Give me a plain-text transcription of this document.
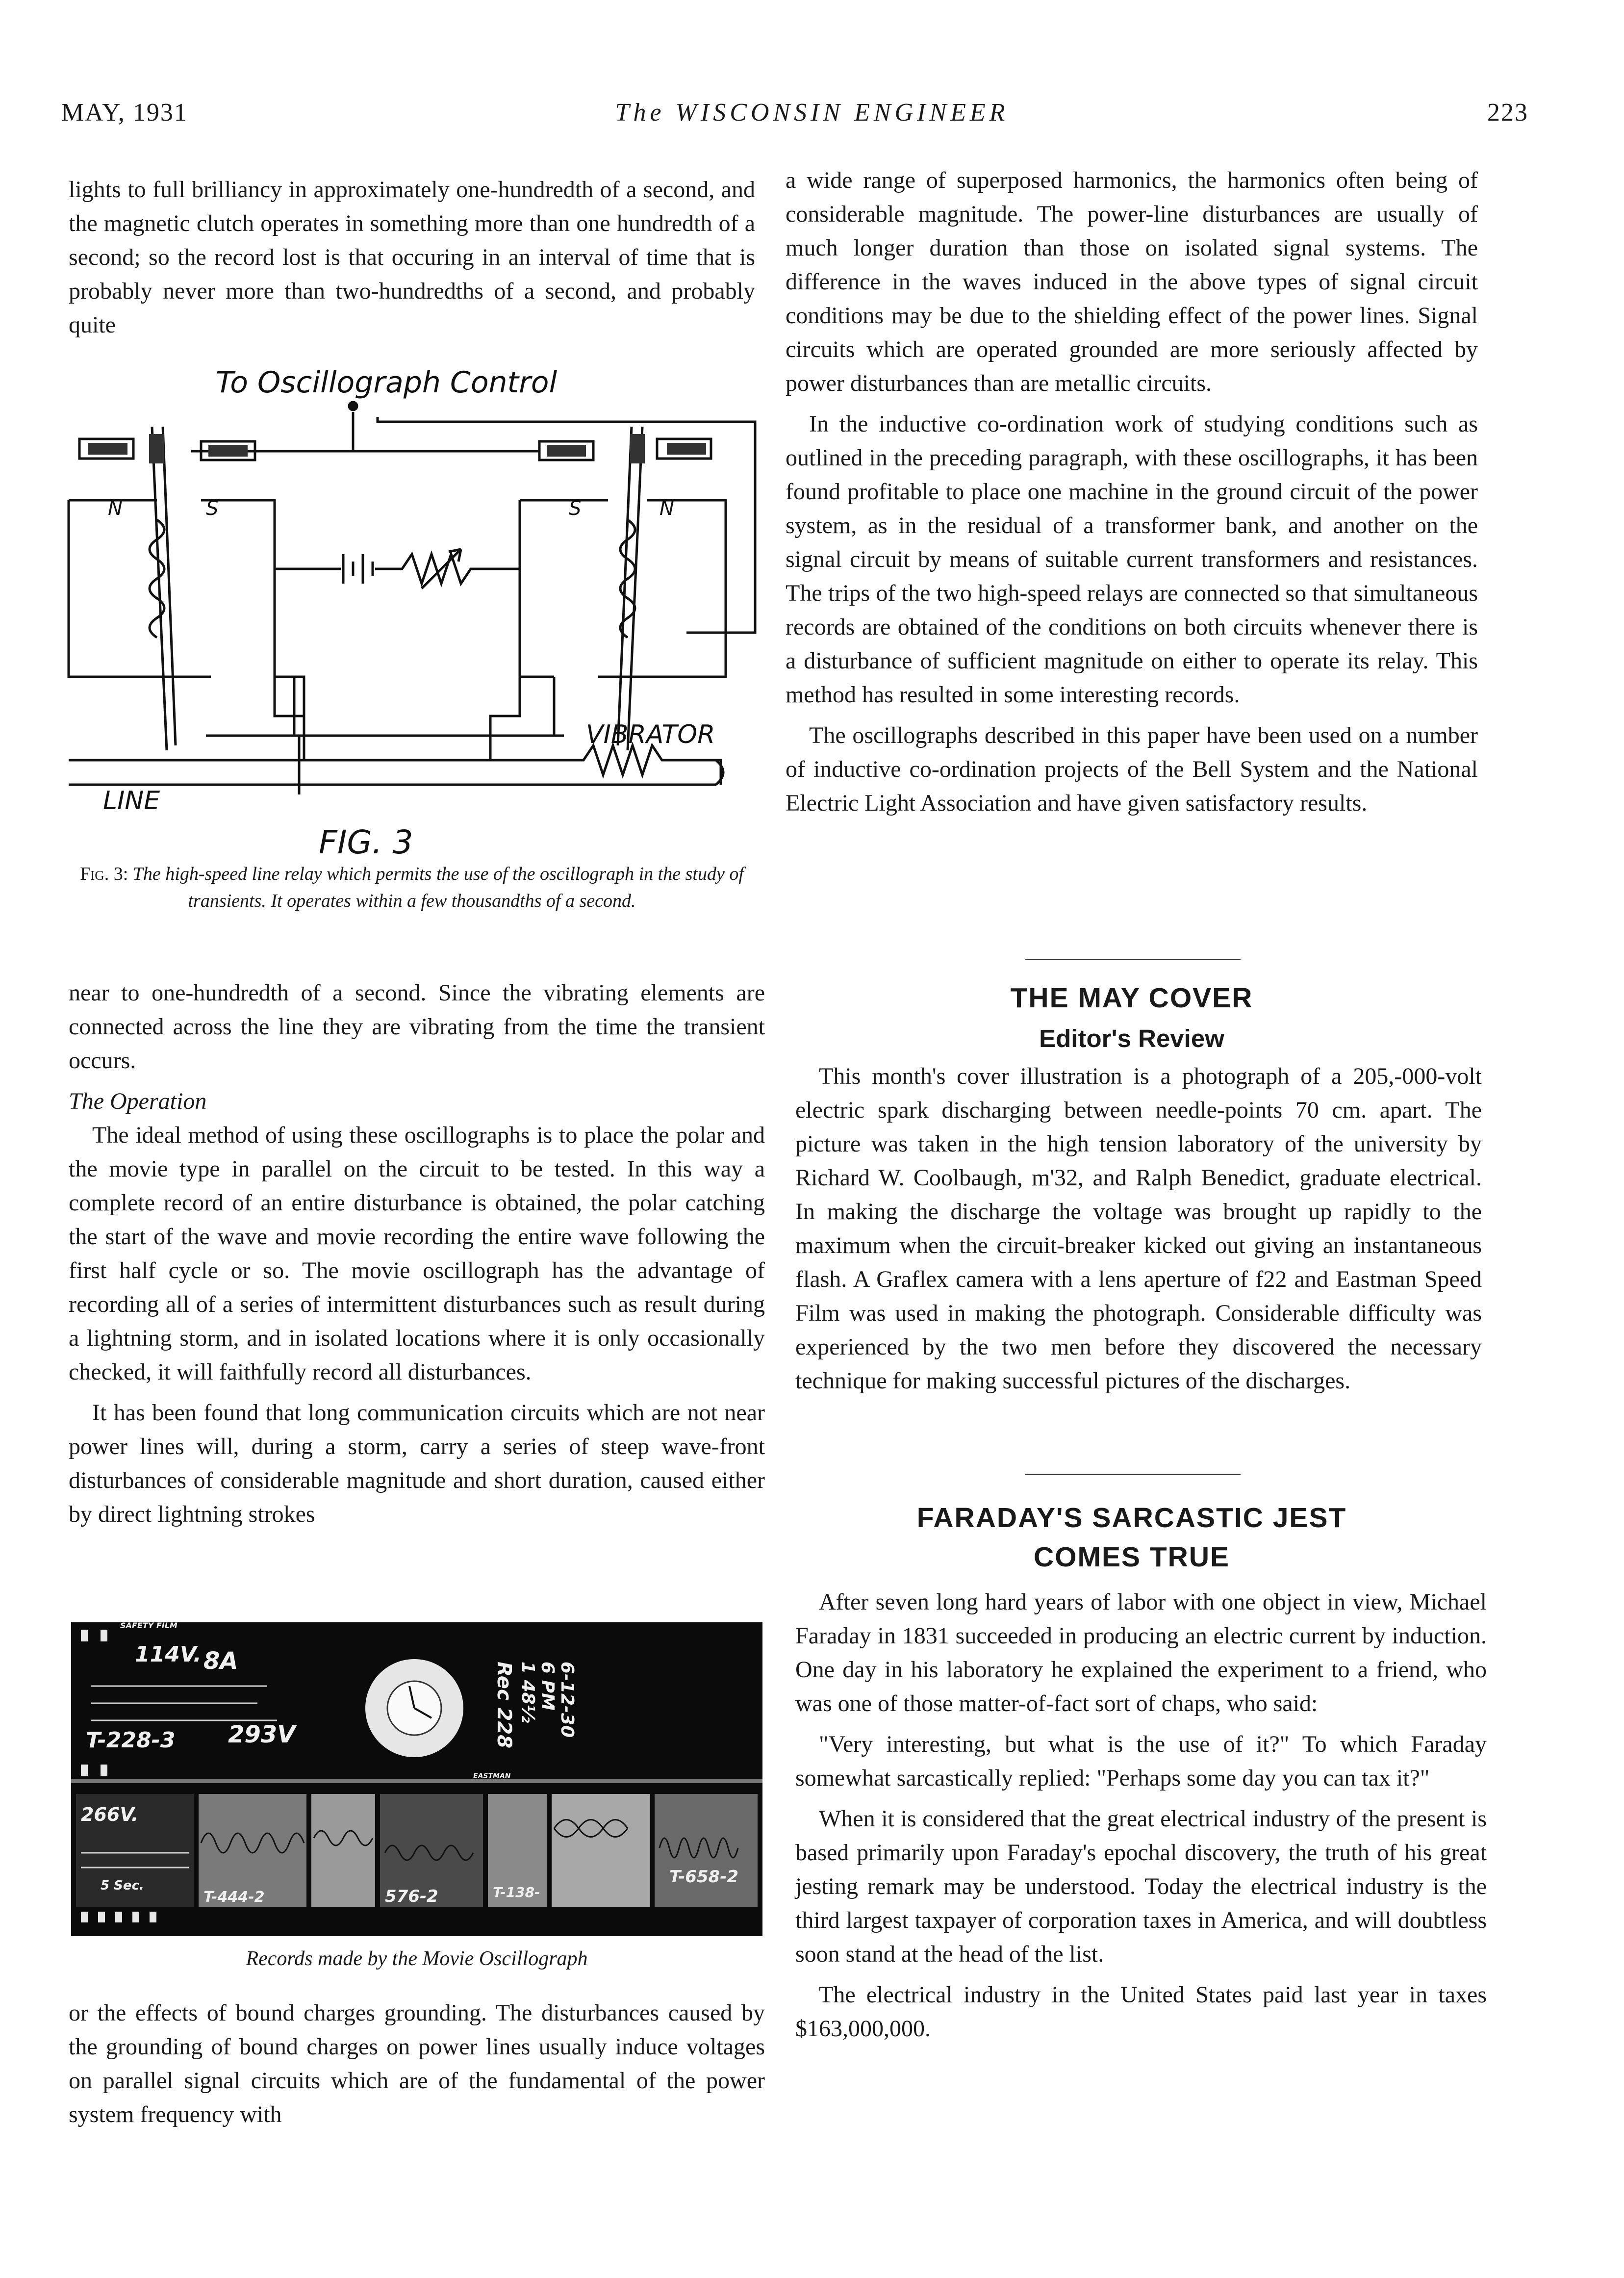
MAY, 1931	The WISCONSIN ENGINEER	223

lights to full brilliancy in approximately one-hundredth of a second, and the magnetic clutch operates in something more than one hundredth of a second; so the record lost is that occuring in an interval of time that is probably never more than two-hundredths of a second, and probably quite

To Oscillograph Control
N	S	S	N
VIBRATOR
LINE
FIG. 3
Fig. 3: The high-speed line relay which permits the use of the oscillograph in the study of transients. It operates within a few thousandths of a second.

near to one-hundredth of a second. Since the vibrating elements are connected across the line they are vibrating from the time the transient occurs.

The Operation

The ideal method of using these oscillographs is to place the polar and the movie type in parallel on the circuit to be tested. In this way a complete record of an entire disturbance is obtained, the polar catching the start of the wave and movie recording the entire wave following the first half cycle or so. The movie oscillograph has the advantage of recording all of a series of intermittent disturbances such as result during a lightning storm, and in isolated locations where it is only occasionally checked, it will faithfully record all disturbances.

It has been found that long communication circuits which are not near power lines will, during a storm, carry a series of steep wave-front disturbances of considerable magnitude and short duration, caused either by direct lightning strokes

SAFETY FILM
114V. 8A
T-228-3 293V	Rec 228 1 48½ 6 PM 6-12-30
EASTMAN
266V.
5 Sec.
T-444-2	576-2	T-138-
T-658-2
Records made by the Movie Oscillograph

or the effects of bound charges grounding. The disturbances caused by the grounding of bound charges on power lines usually induce voltages on parallel signal circuits which are of the fundamental of the power system frequency with

a wide range of superposed harmonics, the harmonics often being of considerable magnitude. The power-line disturbances are usually of much longer duration than those on isolated signal systems. The difference in the waves induced in the above types of signal circuit conditions may be due to the shielding effect of the power lines. Signal circuits which are operated grounded are more seriously affected by power disturbances than are metallic circuits.

In the inductive co-ordination work of studying conditions such as outlined in the preceding paragraph, with these oscillographs, it has been found profitable to place one machine in the ground circuit of the power system, as in the residual of a transformer bank, and another on the signal circuit by means of suitable current transformers and resistances. The trips of the two high-speed relays are connected so that simultaneous records are obtained of the conditions on both circuits whenever there is a disturbance of sufficient magnitude on either to operate its relay. This method has resulted in some interesting records.

The oscillographs described in this paper have been used on a number of inductive co-ordination projects of the Bell System and the National Electric Light Association and have given satisfactory results.

THE MAY COVER
Editor's Review

This month's cover illustration is a photograph of a 205,-000-volt electric spark discharging between needle-points 70 cm. apart. The picture was taken in the high tension laboratory of the university by Richard W. Coolbaugh, m'32, and Ralph Benedict, graduate electrical. In making the discharge the voltage was brought up rapidly to the maximum when the circuit-breaker kicked out giving an instantaneous flash. A Graflex camera with a lens aperture of f22 and Eastman Speed Film was used in making the photograph. Considerable difficulty was experienced by the two men before they discovered the necessary technique for making successful pictures of the discharges.

FARADAY'S SARCASTIC JEST
COMES TRUE

After seven long hard years of labor with one object in view, Michael Faraday in 1831 succeeded in producing an electric current by induction. One day in his laboratory he explained the experiment to a friend, who was one of those matter-of-fact sort of chaps, who said:

"Very interesting, but what is the use of it?" To which Faraday somewhat sarcastically replied: "Perhaps some day you can tax it?"

When it is considered that the great electrical industry of the present is based primarily upon Faraday's epochal discovery, the truth of his great jesting remark may be understood. Today the electrical industry is the third largest taxpayer of corporation taxes in America, and will doubtless soon stand at the head of the list.

The electrical industry in the United States paid last year in taxes $163,000,000.
